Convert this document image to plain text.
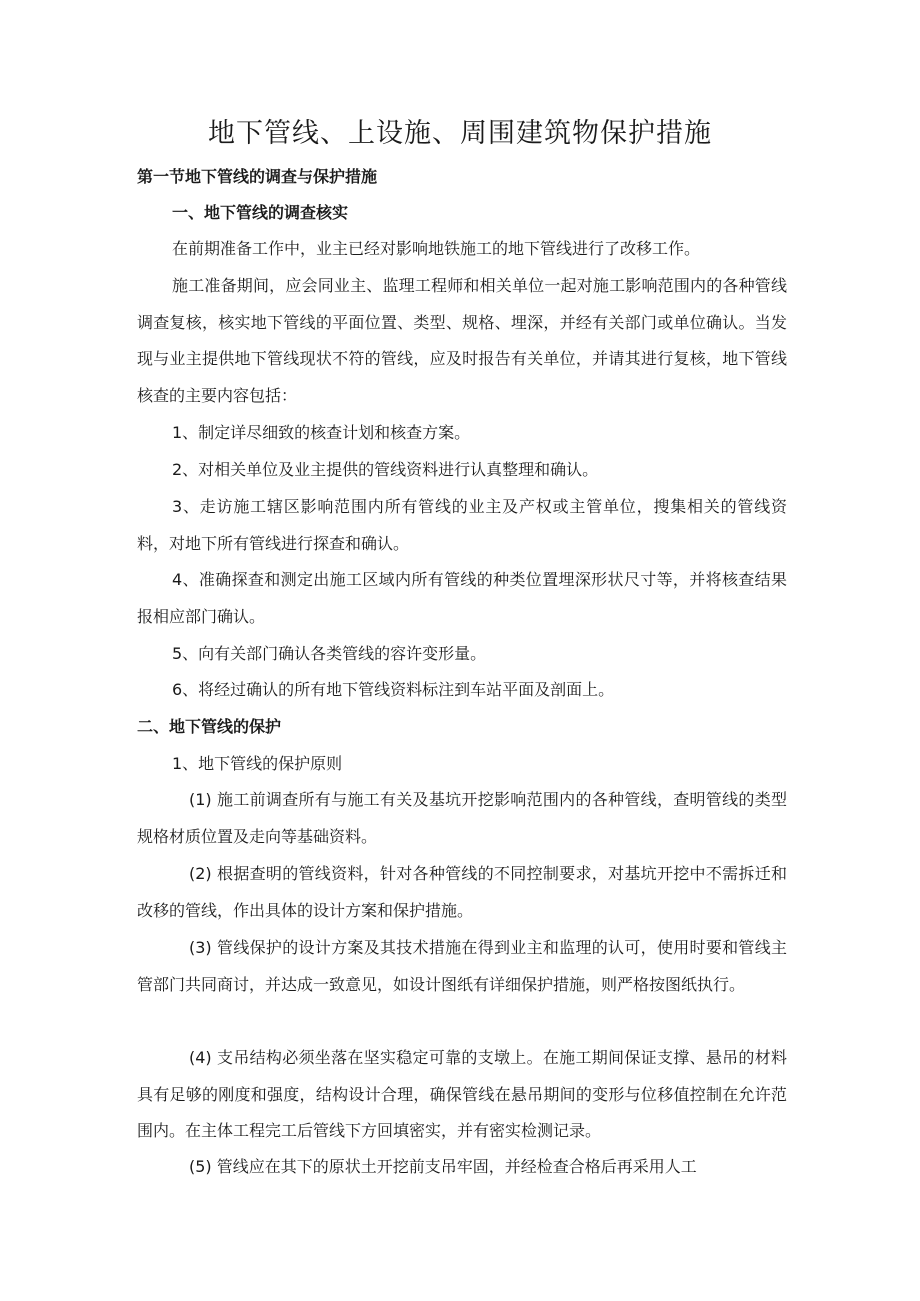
地下管线、上设施、周围建筑物保护措施

第一节地下管线的调查与保护措施

一、地下管线的调查核实

在前期准备工作中，业主已经对影响地铁施工的地下管线进行了改移工作。

施工准备期间，应会同业主、监理工程师和相关单位一起对施工影响范围内的各种管线调查复核，核实地下管线的平面位置、类型、规格、埋深，并经有关部门或单位确认。当发现与业主提供地下管线现状不符的管线，应及时报告有关单位，并请其进行复核，地下管线核查的主要内容包括：

1、制定详尽细致的核查计划和核查方案。

2、对相关单位及业主提供的管线资料进行认真整理和确认。

3、走访施工辖区影响范围内所有管线的业主及产权或主管单位，搜集相关的管线资料，对地下所有管线进行探查和确认。

4、准确探查和测定出施工区域内所有管线的种类位置埋深形状尺寸等，并将核查结果报相应部门确认。

5、向有关部门确认各类管线的容许变形量。

6、将经过确认的所有地下管线资料标注到车站平面及剖面上。

二、地下管线的保护

1、地下管线的保护原则

(1) 施工前调查所有与施工有关及基坑开挖影响范围内的各种管线，查明管线的类型规格材质位置及走向等基础资料。

(2) 根据查明的管线资料，针对各种管线的不同控制要求，对基坑开挖中不需拆迁和改移的管线，作出具体的设计方案和保护措施。

(3) 管线保护的设计方案及其技术措施在得到业主和监理的认可，使用时要和管线主管部门共同商讨，并达成一致意见，如设计图纸有详细保护措施，则严格按图纸执行。

(4) 支吊结构必须坐落在坚实稳定可靠的支墩上。在施工期间保证支撑、悬吊的材料具有足够的刚度和强度，结构设计合理，确保管线在悬吊期间的变形与位移值控制在允许范围内。在主体工程完工后管线下方回填密实，并有密实检测记录。

(5) 管线应在其下的原状土开挖前支吊牢固，并经检查合格后再采用人工
